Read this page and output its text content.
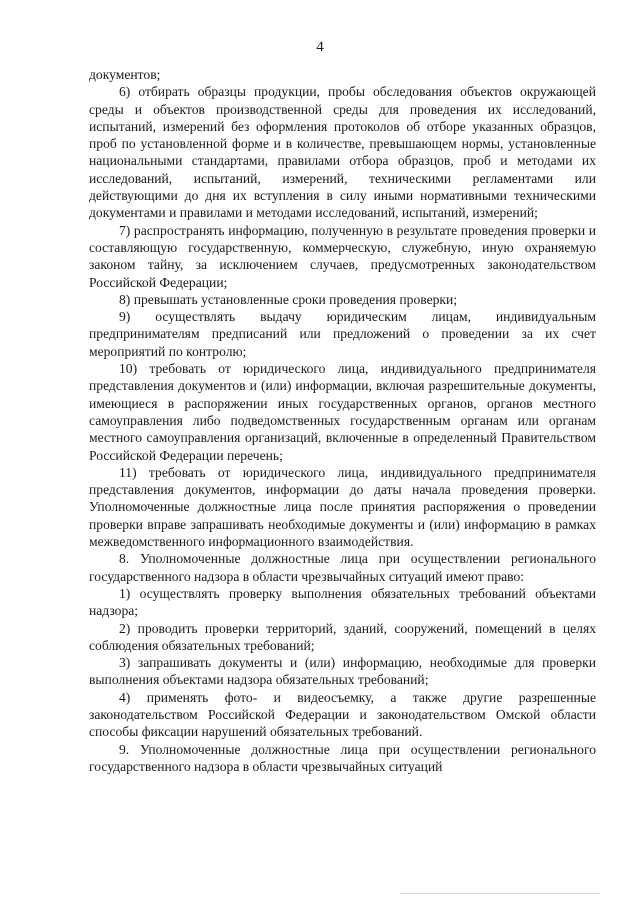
4

документов;

6) отбирать образцы продукции, пробы обследования объектов окружающей среды и объектов производственной среды для проведения их исследований, испытаний, измерений без оформления протоколов об отборе указанных образцов, проб по установленной форме и в количестве, превышающем нормы, установленные национальными стандартами, правилами отбора образцов, проб и методами их исследований, испытаний, измерений, техническими регламентами или действующими до дня их вступления в силу иными нормативными техническими документами и правилами и методами исследований, испытаний, измерений;

7) распространять информацию, полученную в результате проведения проверки и составляющую государственную, коммерческую, служебную, иную охраняемую законом тайну, за исключением случаев, предусмотренных законодательством Российской Федерации;

8) превышать установленные сроки проведения проверки;

9) осуществлять выдачу юридическим лицам, индивидуальным предпринимателям предписаний или предложений о проведении за их счет мероприятий по контролю;

10) требовать от юридического лица, индивидуального предпринимателя представления документов и (или) информации, включая разрешительные документы, имеющиеся в распоряжении иных государственных органов, органов местного самоуправления либо подведомственных государственным органам или органам местного самоуправления организаций, включенные в определенный Правительством Российской Федерации перечень;

11) требовать от юридического лица, индивидуального предпринимателя представления документов, информации до даты начала проведения проверки. Уполномоченные должностные лица после принятия распоряжения о проведении проверки вправе запрашивать необходимые документы и (или) информацию в рамках межведомственного информационного взаимодействия.

8. Уполномоченные должностные лица при осуществлении регионального государственного надзора в области чрезвычайных ситуаций имеют право:

1) осуществлять проверку выполнения обязательных требований объектами надзора;

2) проводить проверки территорий, зданий, сооружений, помещений в целях соблюдения обязательных требований;

3) запрашивать документы и (или) информацию, необходимые для проверки выполнения объектами надзора обязательных требований;

4) применять фото- и видеосъемку, а также другие разрешенные законодательством Российской Федерации и законодательством Омской области способы фиксации нарушений обязательных требований.

9. Уполномоченные должностные лица при осуществлении регионального государственного надзора в области чрезвычайных ситуаций
